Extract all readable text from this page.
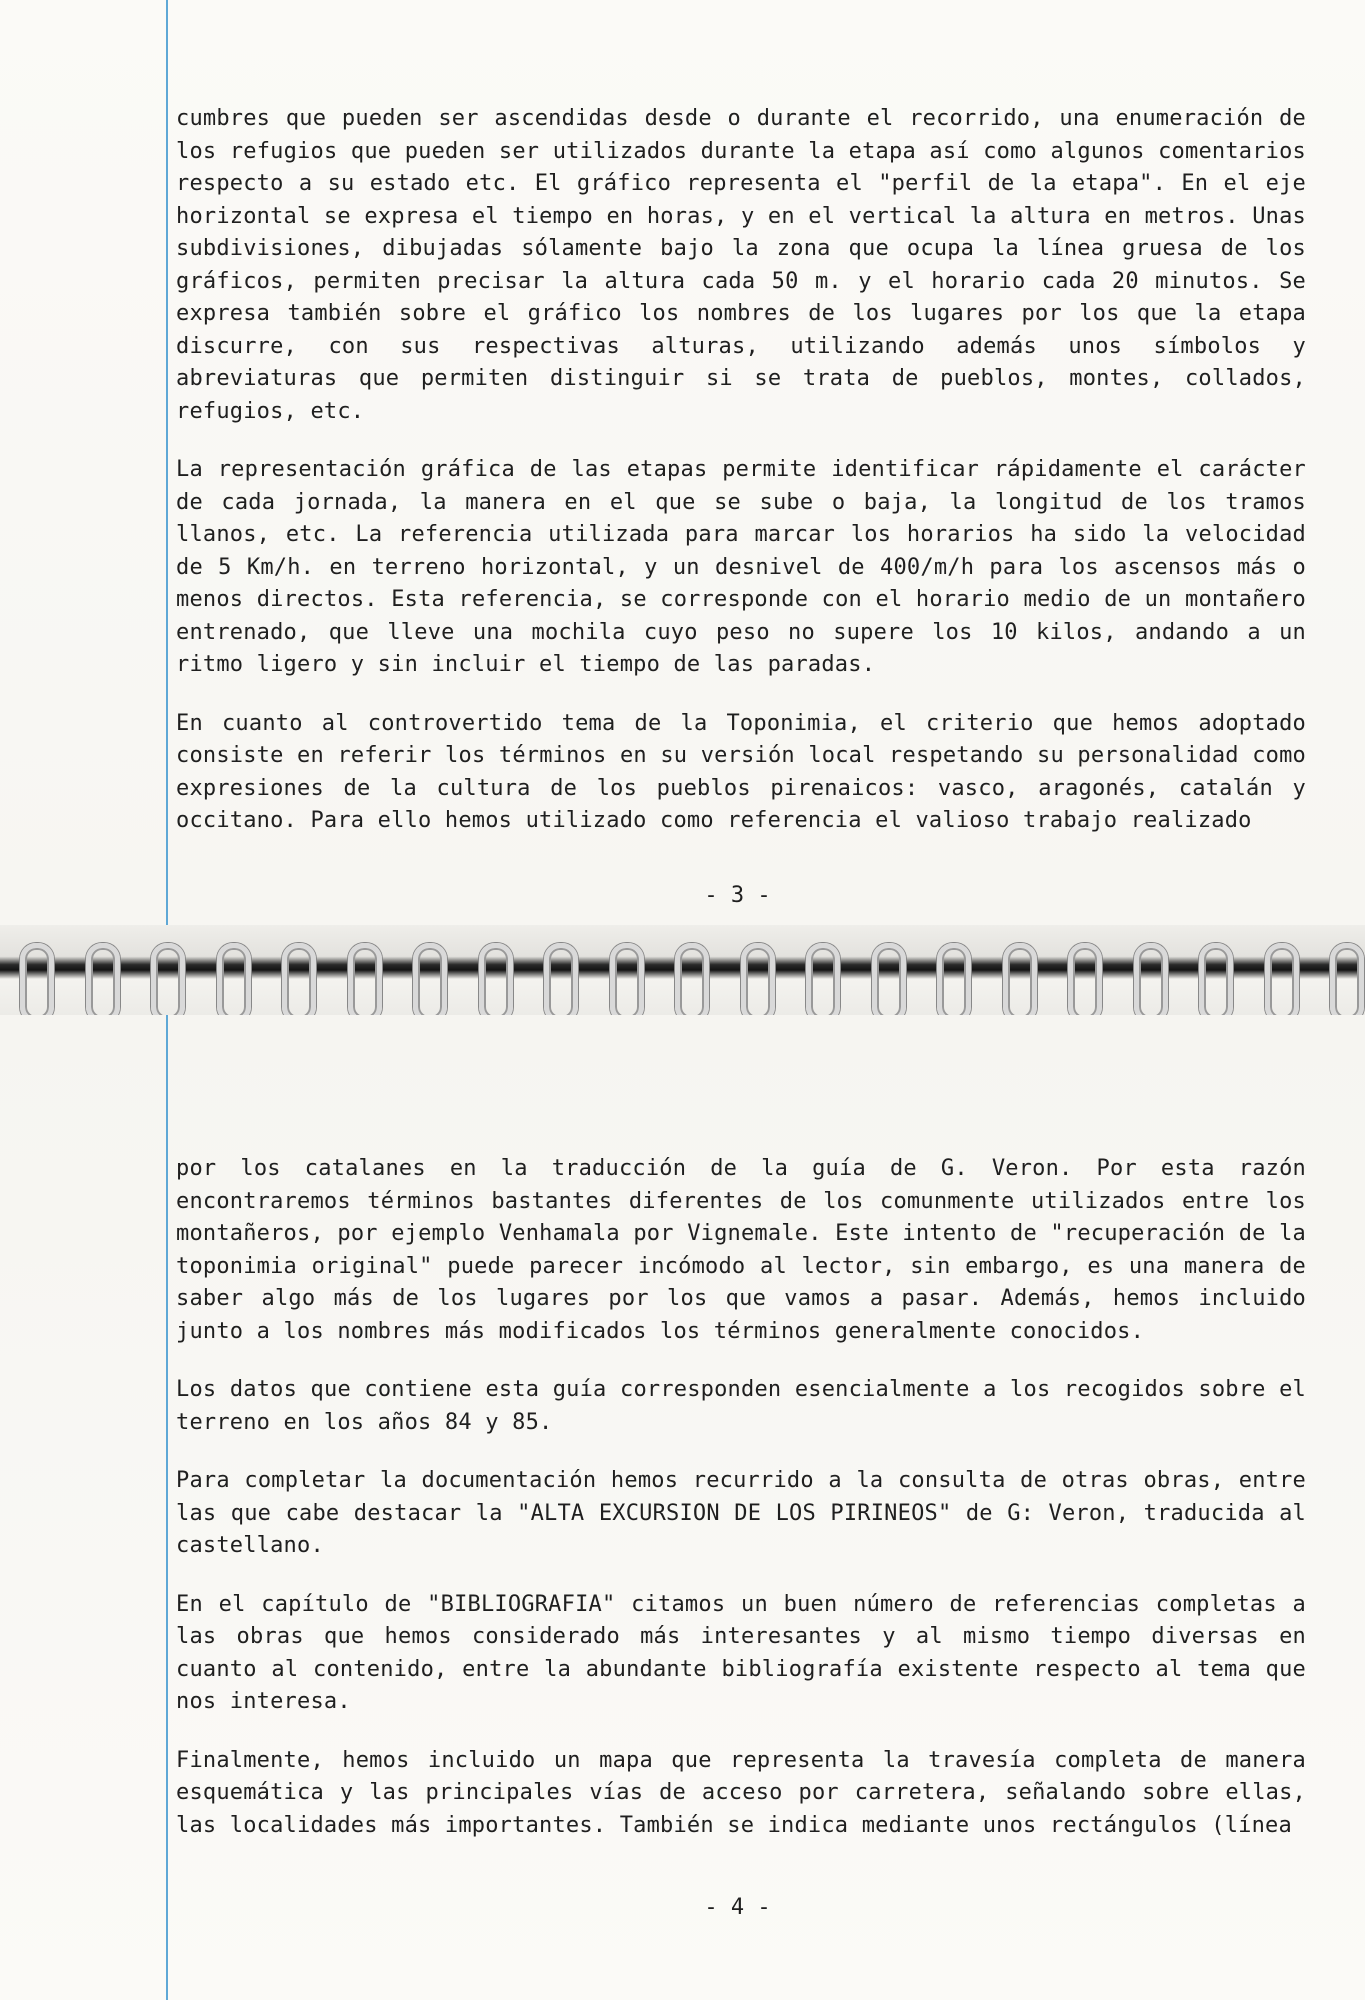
cumbres que pueden ser ascendidas desde o durante el recorrido, una enumeración de los refugios que pueden ser utilizados durante la etapa así como algunos comentarios respecto a su estado etc. El gráfico representa el "perfil de la etapa". En el eje horizontal se expresa el tiempo en horas, y en el vertical la altura en metros. Unas subdivisiones, dibujadas sólamente bajo la zona que ocupa la línea gruesa de los gráficos, permiten precisar la altura cada 50 m. y el horario cada 20 minutos. Se expresa también sobre el gráfico los nombres de los lugares por los que la etapa discurre, con sus respectivas alturas, utilizando además unos símbolos y abreviaturas que permiten distinguir si se trata de pueblos, montes, collados, refugios, etc.

La representación gráfica de las etapas permite identificar rápidamente el carácter de cada jornada, la manera en el que se sube o baja, la longitud de los tramos llanos, etc. La referencia utilizada para marcar los horarios ha sido la velocidad de 5 Km/h. en terreno horizontal, y un desnivel de 400/m/h para los ascensos más o menos directos. Esta referencia, se corresponde con el horario medio de un montañero entrenado, que lleve una mochila cuyo peso no supere los 10 kilos, andando a un ritmo ligero y sin incluir el tiempo de las paradas.

En cuanto al controvertido tema de la Toponimia, el criterio que hemos adoptado consiste en referir los términos en su versión local respetando su personalidad como expresiones de la cultura de los pueblos pirenaicos: vasco, aragonés, catalán y occitano. Para ello hemos utilizado como referencia el valioso trabajo realizado

- 3 -

por los catalanes en la traducción de la guía de G. Veron. Por esta razón encontraremos términos bastantes diferentes de los comunmente utilizados entre los montañeros, por ejemplo Venhamala por Vignemale. Este intento de "recuperación de la toponimia original" puede parecer incómodo al lector, sin embargo, es una manera de saber algo más de los lugares por los que vamos a pasar. Además, hemos incluido junto a los nombres más modificados los términos generalmente conocidos.

Los datos que contiene esta guía corresponden esencialmente a los recogidos sobre el terreno en los años 84 y 85.

Para completar la documentación hemos recurrido a la consulta de otras obras, entre las que cabe destacar la "ALTA EXCURSION DE LOS PIRINEOS" de G: Veron, traducida al castellano.

En el capítulo de "BIBLIOGRAFIA" citamos un buen número de referencias completas a las obras que hemos considerado más interesantes y al mismo tiempo diversas en cuanto al contenido, entre la abundante bibliografía existente respecto al tema que nos interesa.

Finalmente, hemos incluido un mapa que representa la travesía completa de manera esquemática y las principales vías de acceso por carretera, señalando sobre ellas, las localidades más importantes. También se indica mediante unos rectángulos (línea

- 4 -
